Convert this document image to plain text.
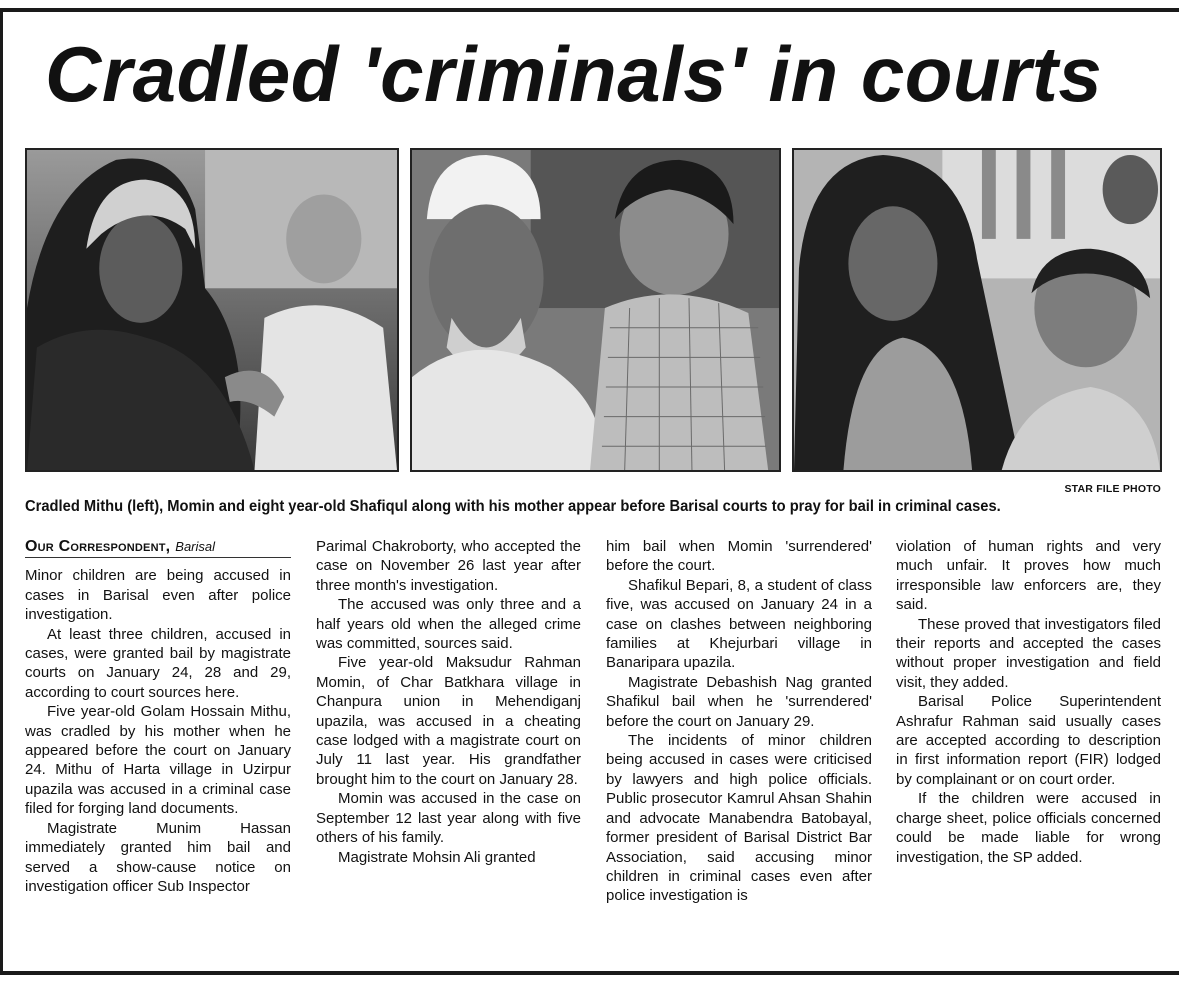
Cradled 'criminals' in courts
STAR FILE PHOTO
Cradled Mithu (left), Momin and eight year-old Shafiqul along with his mother appear before Barisal courts to pray for bail in criminal cases.
Our Correspondent, Barisal

Minor children are being accused in cases in Barisal even after police investigation.

At least three children, accused in cases, were granted bail by magistrate courts on January 24, 28 and 29, according to court sources here.

Five year-old Golam Hossain Mithu, was cradled by his mother when he appeared before the court on January 24. Mithu of Harta village in Uzirpur upazila was accused in a criminal case filed for forging land documents.

Magistrate Munim Hassan immediately granted him bail and served a show-cause notice on investigation officer Sub Inspector

Parimal Chakroborty, who accepted the case on November 26 last year after three month's investigation.

The accused was only three and a half years old when the alleged crime was committed, sources said.

Five year-old Maksudur Rahman Momin, of Char Batkhara village in Chanpura union in Mehendiganj upazila, was accused in a cheating case lodged with a magistrate court on July 11 last year. His grandfather brought him to the court on January 28.

Momin was accused in the case on September 12 last year along with five others of his family.

Magistrate Mohsin Ali granted

him bail when Momin 'surrendered' before the court.

Shafikul Bepari, 8, a student of class five, was accused on January 24 in a case on clashes between neighboring families at Khejurbari village in Banaripara upazila.

Magistrate Debashish Nag granted Shafikul bail when he 'surrendered' before the court on January 29.

The incidents of minor children being accused in cases were criticised by lawyers and high police officials. Public prosecutor Kamrul Ahsan Shahin and advocate Manabendra Batobayal, former president of Barisal District Bar Association, said accusing minor children in criminal cases even after police investigation is

violation of human rights and very much unfair. It proves how much irresponsible law enforcers are, they said.

These proved that investigators filed their reports and accepted the cases without proper investigation and field visit, they added.

Barisal Police Superintendent Ashrafur Rahman said usually cases are accepted according to description in first information report (FIR) lodged by complainant or on court order.

If the children were accused in charge sheet, police officials concerned could be made liable for wrong investigation, the SP added.
